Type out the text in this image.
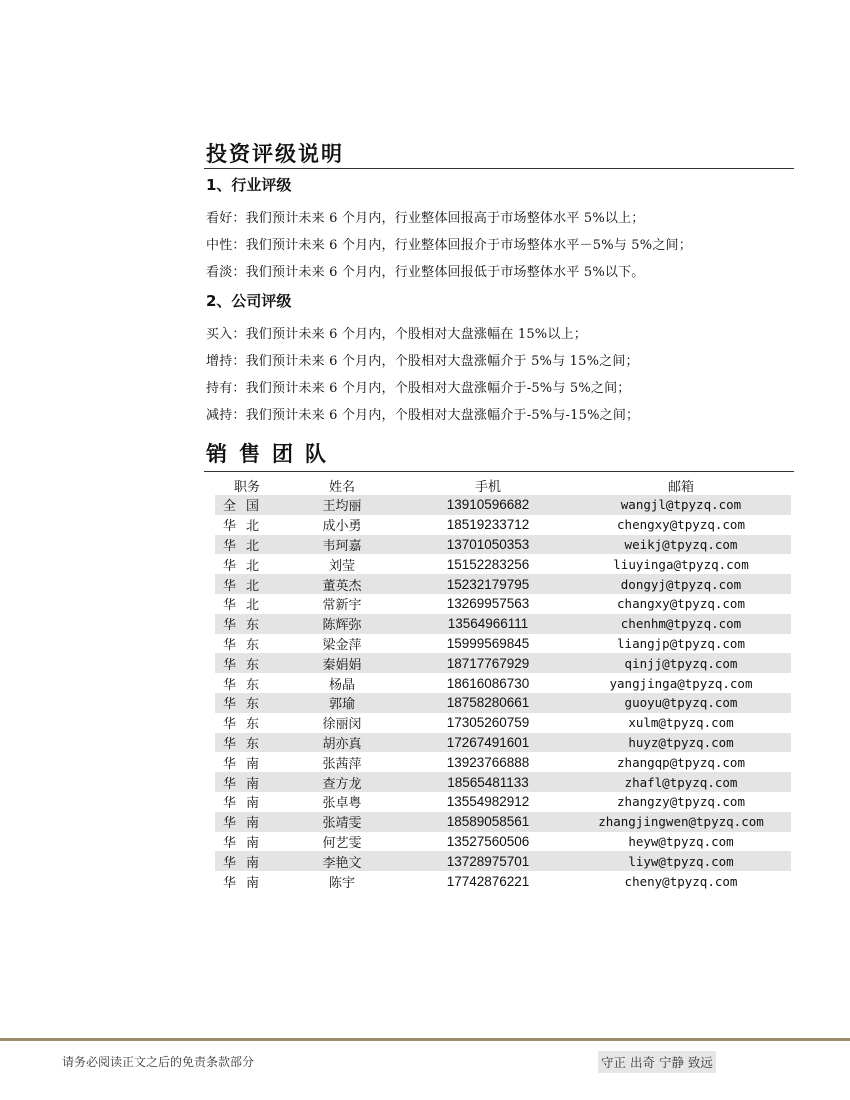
投资评级说明
1、行业评级
看好：我们预计未来 6 个月内，行业整体回报高于市场整体水平 5%以上；
中性：我们预计未来 6 个月内，行业整体回报介于市场整体水平－5%与 5%之间；
看淡：我们预计未来 6 个月内，行业整体回报低于市场整体水平 5%以下。
2、公司评级
买入：我们预计未来 6 个月内，个股相对大盘涨幅在 15%以上；
增持：我们预计未来 6 个月内，个股相对大盘涨幅介于 5%与 15%之间；
持有：我们预计未来 6 个月内，个股相对大盘涨幅介于-5%与 5%之间；
减持：我们预计未来 6 个月内，个股相对大盘涨幅介于-5%与-15%之间；
销售团队
职务	姓名	手机	邮箱
全国	王均丽	13910596682	wangjl@tpyzq.com
华北	成小勇	18519233712	chengxy@tpyzq.com
华北	韦珂嘉	13701050353	weikj@tpyzq.com
华北	刘莹	15152283256	liuyinga@tpyzq.com
华北	董英杰	15232179795	dongyj@tpyzq.com
华北	常新宇	13269957563	changxy@tpyzq.com
华东	陈辉弥	13564966111	chenhm@tpyzq.com
华东	梁金萍	15999569845	liangjp@tpyzq.com
华东	秦娟娟	18717767929	qinjj@tpyzq.com
华东	杨晶	18616086730	yangjinga@tpyzq.com
华东	郭瑜	18758280661	guoyu@tpyzq.com
华东	徐丽闵	17305260759	xulm@tpyzq.com
华东	胡亦真	17267491601	huyz@tpyzq.com
华南	张茜萍	13923766888	zhangqp@tpyzq.com
华南	查方龙	18565481133	zhafl@tpyzq.com
华南	张卓粤	13554982912	zhangzy@tpyzq.com
华南	张靖雯	18589058561	zhangjingwen@tpyzq.com
华南	何艺雯	13527560506	heyw@tpyzq.com
华南	李艳文	13728975701	liyw@tpyzq.com
华南	陈宇	17742876221	cheny@tpyzq.com
请务必阅读正文之后的免责条款部分	守正 出奇 宁静 致远
